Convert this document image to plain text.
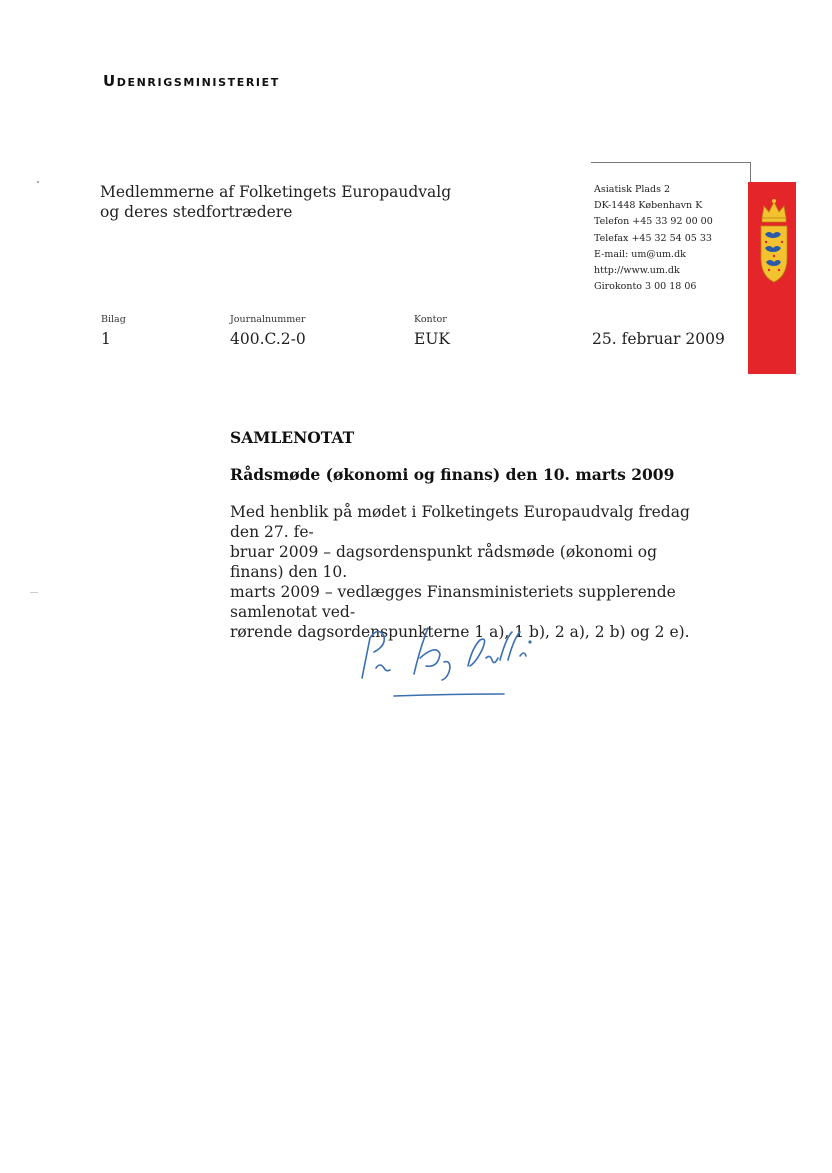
Udenrigsministeriet
Medlemmerne af Folketingets Europaudvalg
og deres stedfortrædere
Asiatisk Plads 2
DK-1448 København K
Telefon +45 33 92 00 00
Telefax +45 32 54 05 33
E-mail: um@um.dk
http://www.um.dk
Girokonto 3 00 18 06
Bilag
1
Journalnummer
400.C.2-0
Kontor
EUK	25. februar 2009
SAMLENOTAT
Rådsmøde (økonomi og finans) den 10. marts 2009
Med henblik på mødet i Folketingets Europaudvalg fredag den 27. fe-
bruar 2009 – dagsordenspunkt rådsmøde (økonomi og finans) den 10.
marts 2009 – vedlægges Finansministeriets supplerende samlenotat ved-
rørende dagsordenspunkterne 1 a), 1 b), 2 a), 2 b) og 2 e).
